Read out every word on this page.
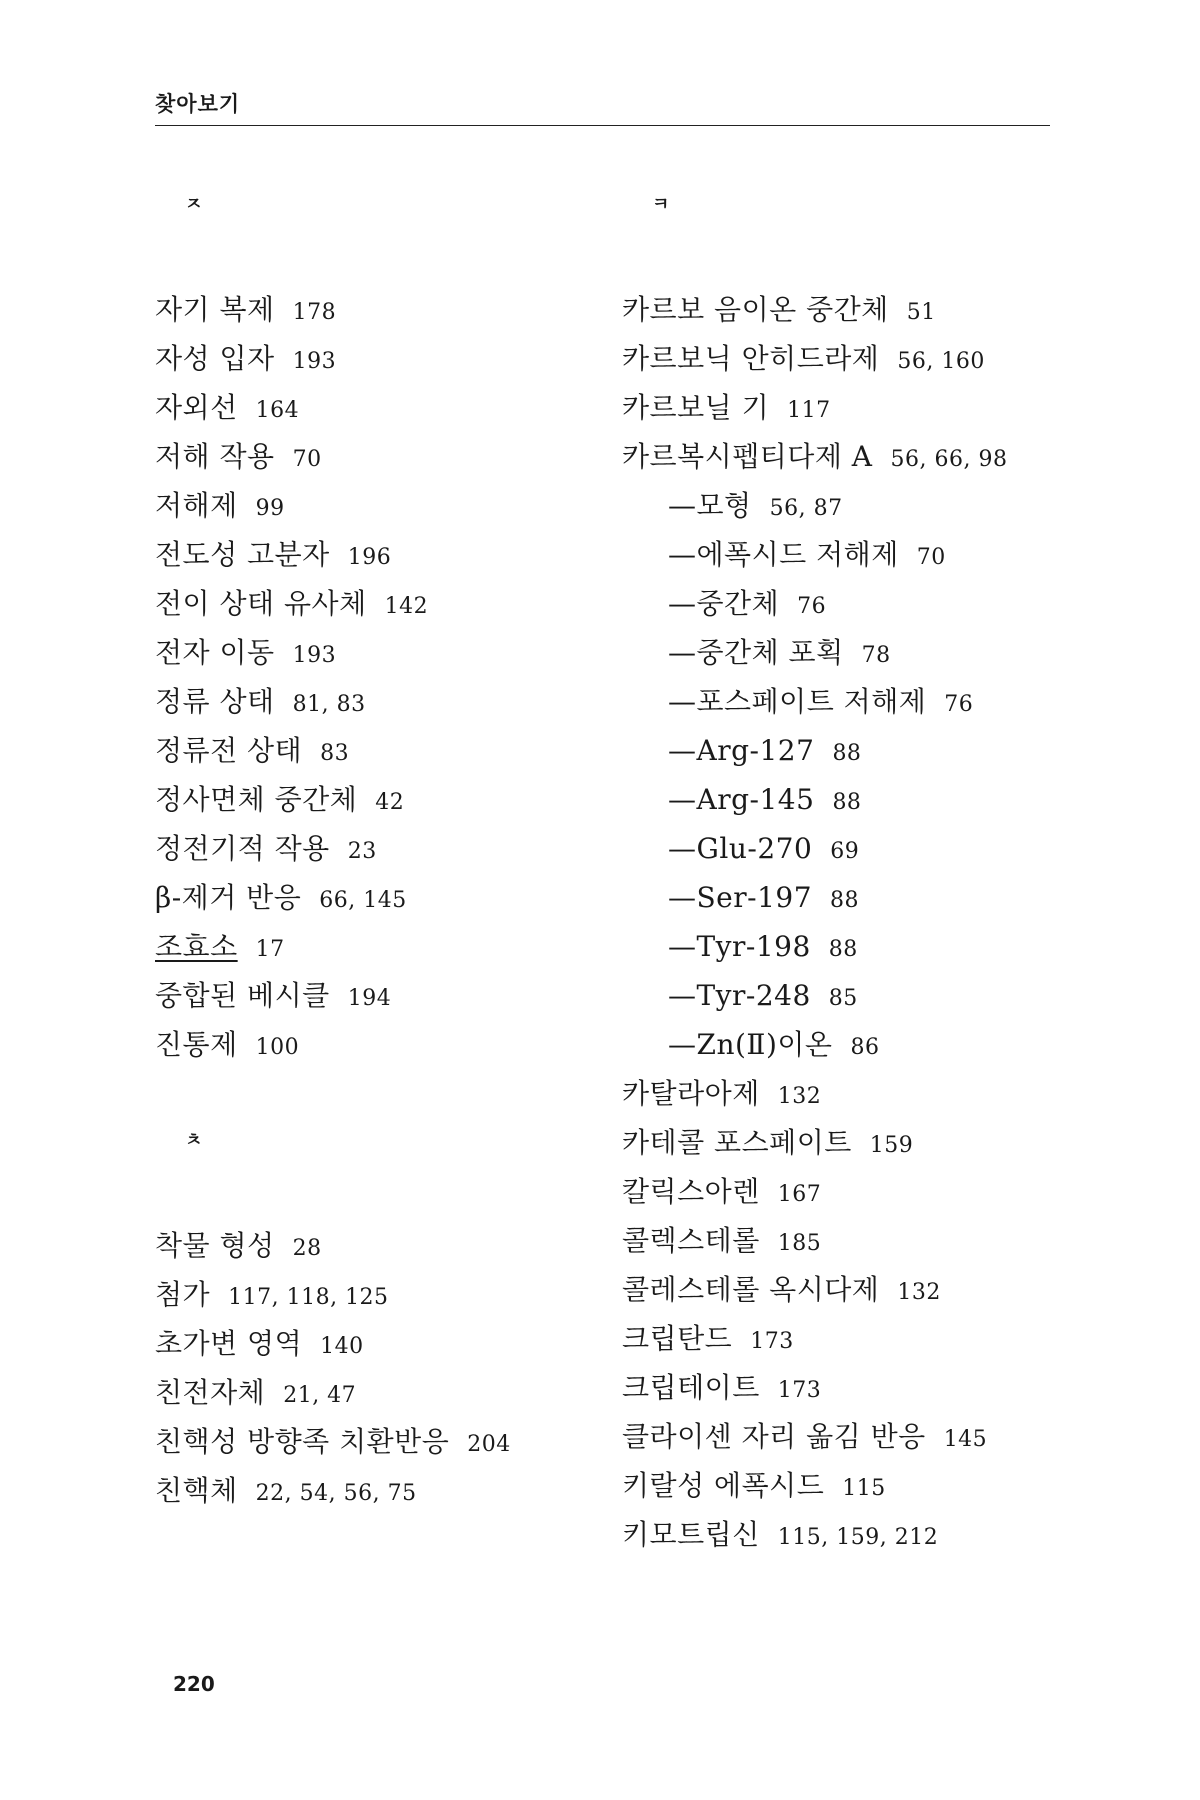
찾아보기
ㅈ
자기 복제 178
자성 입자 193
자외선 164
저해 작용 70
저해제 99
전도성 고분자 196
전이 상태 유사체 142
전자 이동 193
정류 상태 81, 83
정류전 상태 83
정사면체 중간체 42
정전기적 작용 23
β-제거 반응 66, 145
조효소 17
중합된 베시클 194
진통제 100
ㅊ
착물 형성 28
첨가 117, 118, 125
초가변 영역 140
친전자체 21, 47
친핵성 방향족 치환반응 204
친핵체 22, 54, 56, 75
ㅋ
카르보 음이온 중간체 51
카르보닉 안히드라제 56, 160
카르보닐 기 117
카르복시펩티다제 A 56, 66, 98
—모형 56, 87
—에폭시드 저해제 70
—중간체 76
—중간체 포획 78
—포스페이트 저해제 76
—Arg-127 88
—Arg-145 88
—Glu-270 69
—Ser-197 88
—Tyr-198 88
—Tyr-248 85
—Zn(Ⅱ)이온 86
카탈라아제 132
카테콜 포스페이트 159
칼릭스아렌 167
콜렉스테롤 185
콜레스테롤 옥시다제 132
크립탄드 173
크립테이트 173
클라이센 자리 옮김 반응 145
키랄성 에폭시드 115
키모트립신 115, 159, 212
220
